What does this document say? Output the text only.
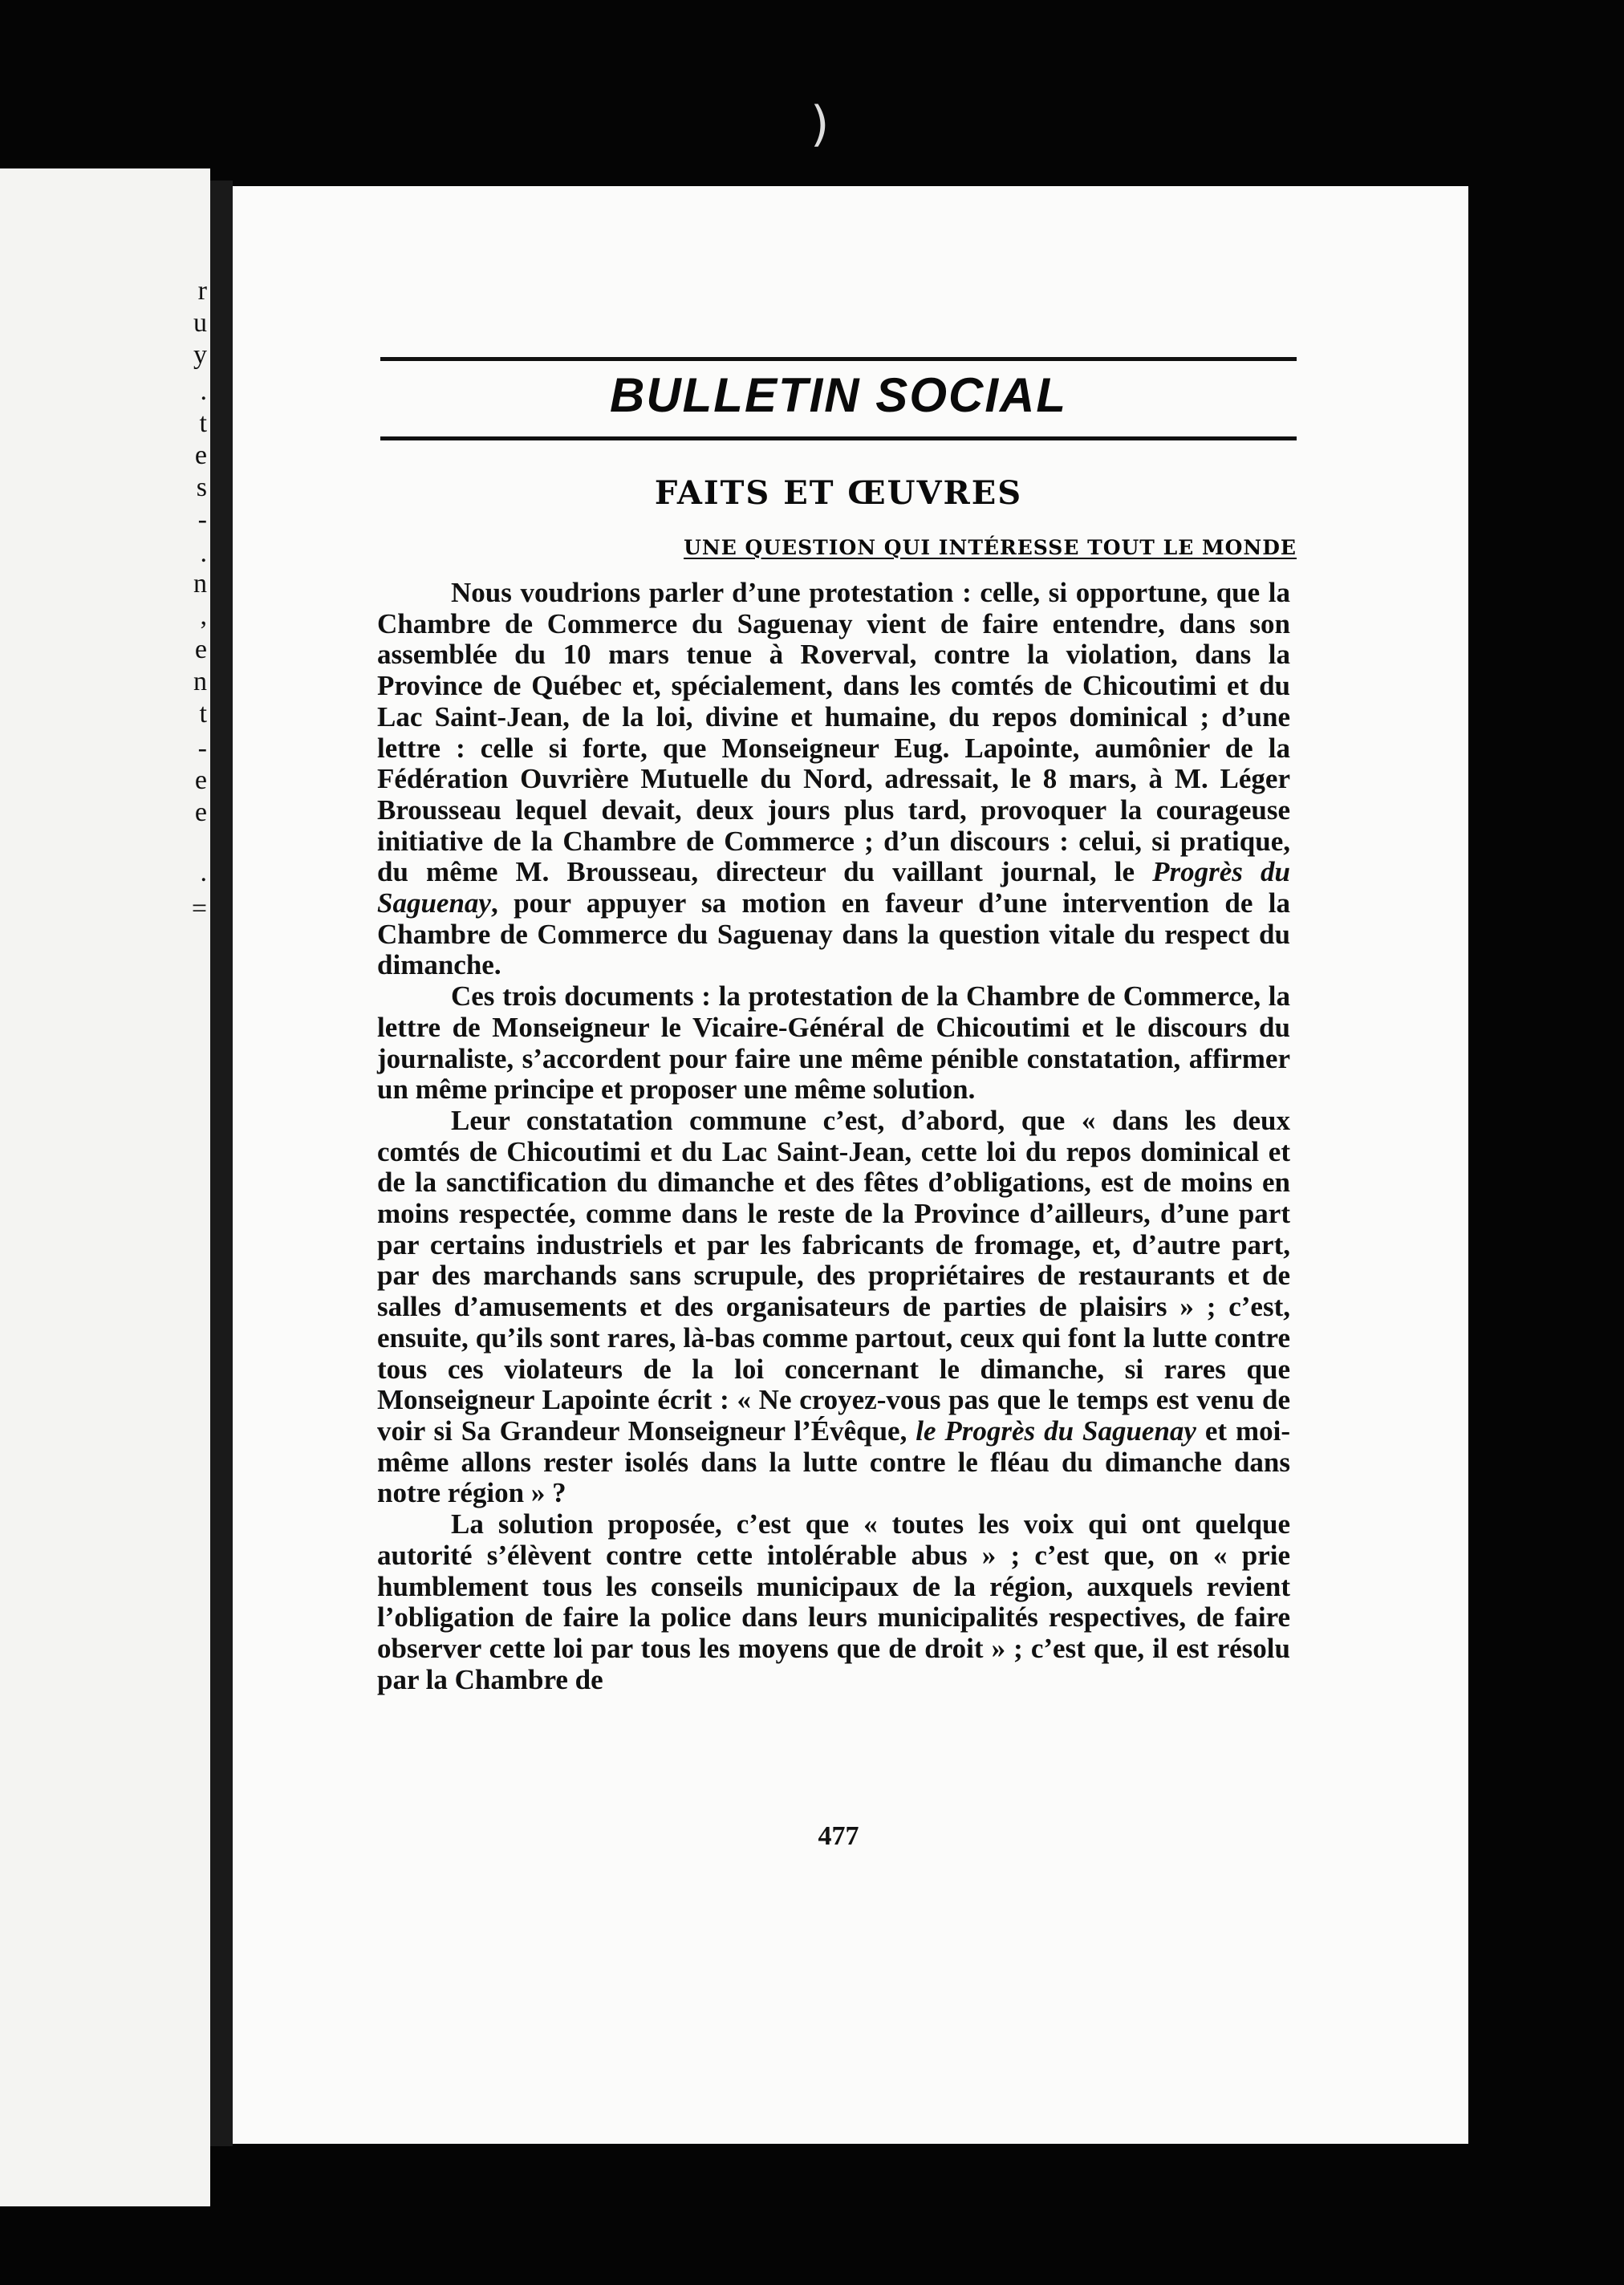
r
u
y
.
t
e
s
-
.
n
,
e
n
t
-
e
e
.
=
)
BULLETIN SOCIAL
FAITS ET ŒUVRES
UNE QUESTION QUI INTÉRESSE TOUT LE MONDE

Nous voudrions parler d’une protestation : celle, si opportune, que la Chambre de Commerce du Saguenay vient de faire entendre, dans son assemblée du 10 mars tenue à Roverval, contre la violation, dans la Province de Québec et, spécialement, dans les comtés de Chicoutimi et du Lac Saint-Jean, de la loi, divine et humaine, du repos dominical ; d’une lettre : celle si forte, que Monseigneur Eug. Lapointe, aumônier de la Fédération Ouvrière Mutuelle du Nord, adressait, le 8 mars, à M. Léger Brousseau lequel devait, deux jours plus tard, provoquer la courageuse initiative de la Chambre de Commerce ; d’un discours : celui, si pratique, du même M. Brousseau, directeur du vaillant journal, le Progrès du Saguenay, pour appuyer sa motion en faveur d’une intervention de la Chambre de Commerce du Saguenay dans la question vitale du respect du dimanche.

Ces trois documents : la protestation de la Chambre de Commerce, la lettre de Monseigneur le Vicaire-Général de Chicoutimi et le discours du journaliste, s’accordent pour faire une même pénible constatation, affirmer un même principe et proposer une même solution.

Leur constatation commune c’est, d’abord, que « dans les deux comtés de Chicoutimi et du Lac Saint-Jean, cette loi du repos dominical et de la sanctification du dimanche et des fêtes d’obligations, est de moins en moins respectée, comme dans le reste de la Province d’ailleurs, d’une part par certains industriels et par les fabricants de fromage, et, d’autre part, par des marchands sans scrupule, des propriétaires de restaurants et de salles d’amusements et des organisateurs de parties de plaisirs » ; c’est, ensuite, qu’ils sont rares, là-bas comme partout, ceux qui font la lutte contre tous ces violateurs de la loi concernant le dimanche, si rares que Monseigneur Lapointe écrit : « Ne croyez-vous pas que le temps est venu de voir si Sa Grandeur Monseigneur l’Évêque, le Progrès du Saguenay et moi-même allons rester isolés dans la lutte contre le fléau du dimanche dans notre région » ?

La solution proposée, c’est que « toutes les voix qui ont quelque autorité s’élèvent contre cette intolérable abus » ; c’est que, on « prie humblement tous les conseils municipaux de la région, auxquels revient l’obligation de faire la police dans leurs municipalités respectives, de faire observer cette loi par tous les moyens que de droit » ; c’est que, il est résolu par la Chambre de

477
